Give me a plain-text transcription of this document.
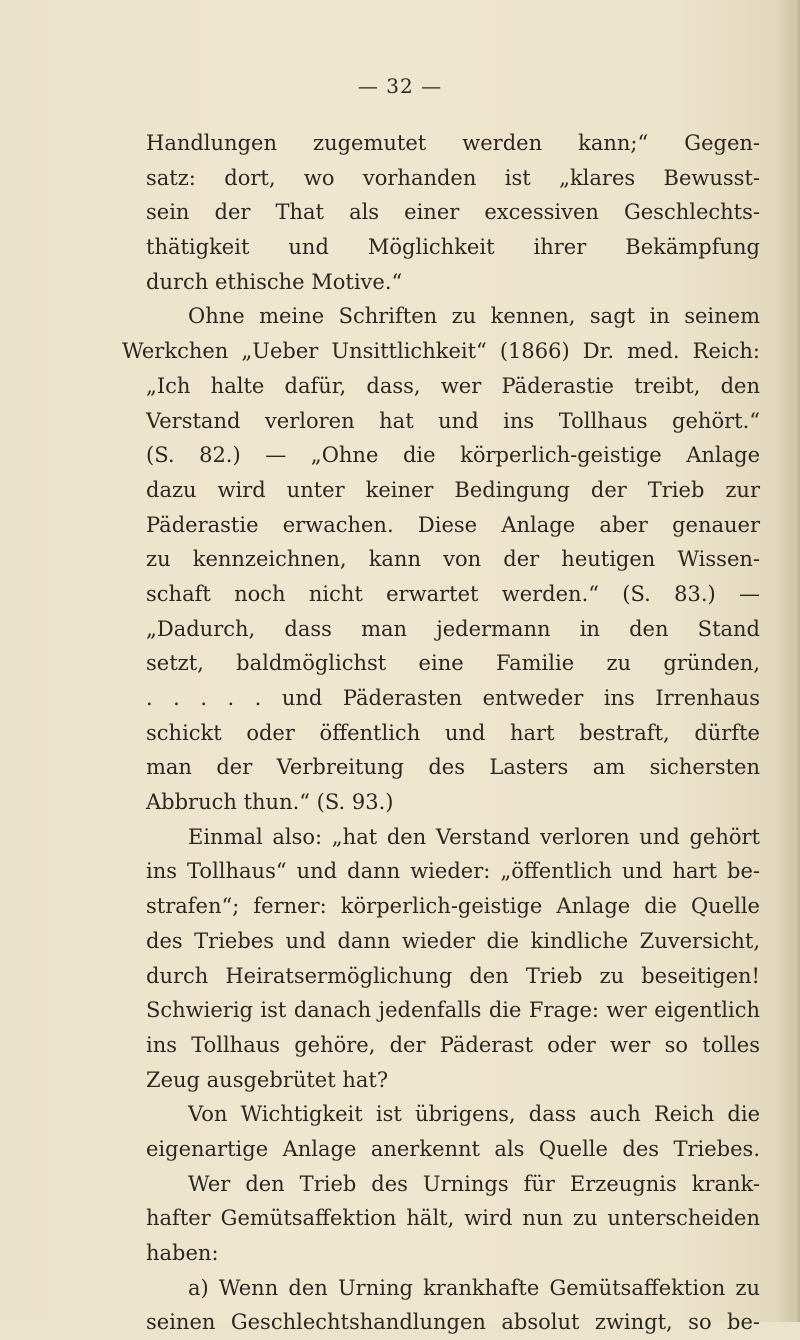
— 32 —
Handlungen zugemutet werden kann;“ Gegen-
satz: dort, wo vorhanden ist „klares Bewusst-
sein der That als einer excessiven Geschlechts-
thätigkeit und Möglichkeit ihrer Bekämpfung
durch ethische Motive.“
Ohne meine Schriften zu kennen, sagt in seinem
Werkchen „Ueber Unsittlichkeit“ (1866) Dr. med. Reich:
„Ich halte dafür, dass, wer Päderastie treibt, den
Verstand verloren hat und ins Tollhaus gehört.“
(S. 82.) — „Ohne die körperlich-geistige Anlage
dazu wird unter keiner Bedingung der Trieb zur
Päderastie erwachen. Diese Anlage aber genauer
zu kennzeichnen, kann von der heutigen Wissen-
schaft noch nicht erwartet werden.“ (S. 83.) —
„Dadurch, dass man jedermann in den Stand
setzt, baldmöglichst eine Familie zu gründen,
. . . . . und Päderasten entweder ins Irrenhaus
schickt oder öffentlich und hart bestraft, dürfte
man der Verbreitung des Lasters am sichersten
Abbruch thun.“ (S. 93.)
Einmal also: „hat den Verstand verloren und gehört
ins Tollhaus“ und dann wieder: „öffentlich und hart be-
strafen“; ferner: körperlich-geistige Anlage die Quelle
des Triebes und dann wieder die kindliche Zuversicht,
durch Heiratsermöglichung den Trieb zu beseitigen!
Schwierig ist danach jedenfalls die Frage: wer eigentlich
ins Tollhaus gehöre, der Päderast oder wer so tolles
Zeug ausgebrütet hat?
Von Wichtigkeit ist übrigens, dass auch Reich die
eigenartige Anlage anerkennt als Quelle des Triebes.
Wer den Trieb des Urnings für Erzeugnis krank-
hafter Gemütsaffektion hält, wird nun zu unterscheiden
haben:
a) Wenn den Urning krankhafte Gemütsaffektion zu
seinen Geschlechtshandlungen absolut zwingt, so be-
